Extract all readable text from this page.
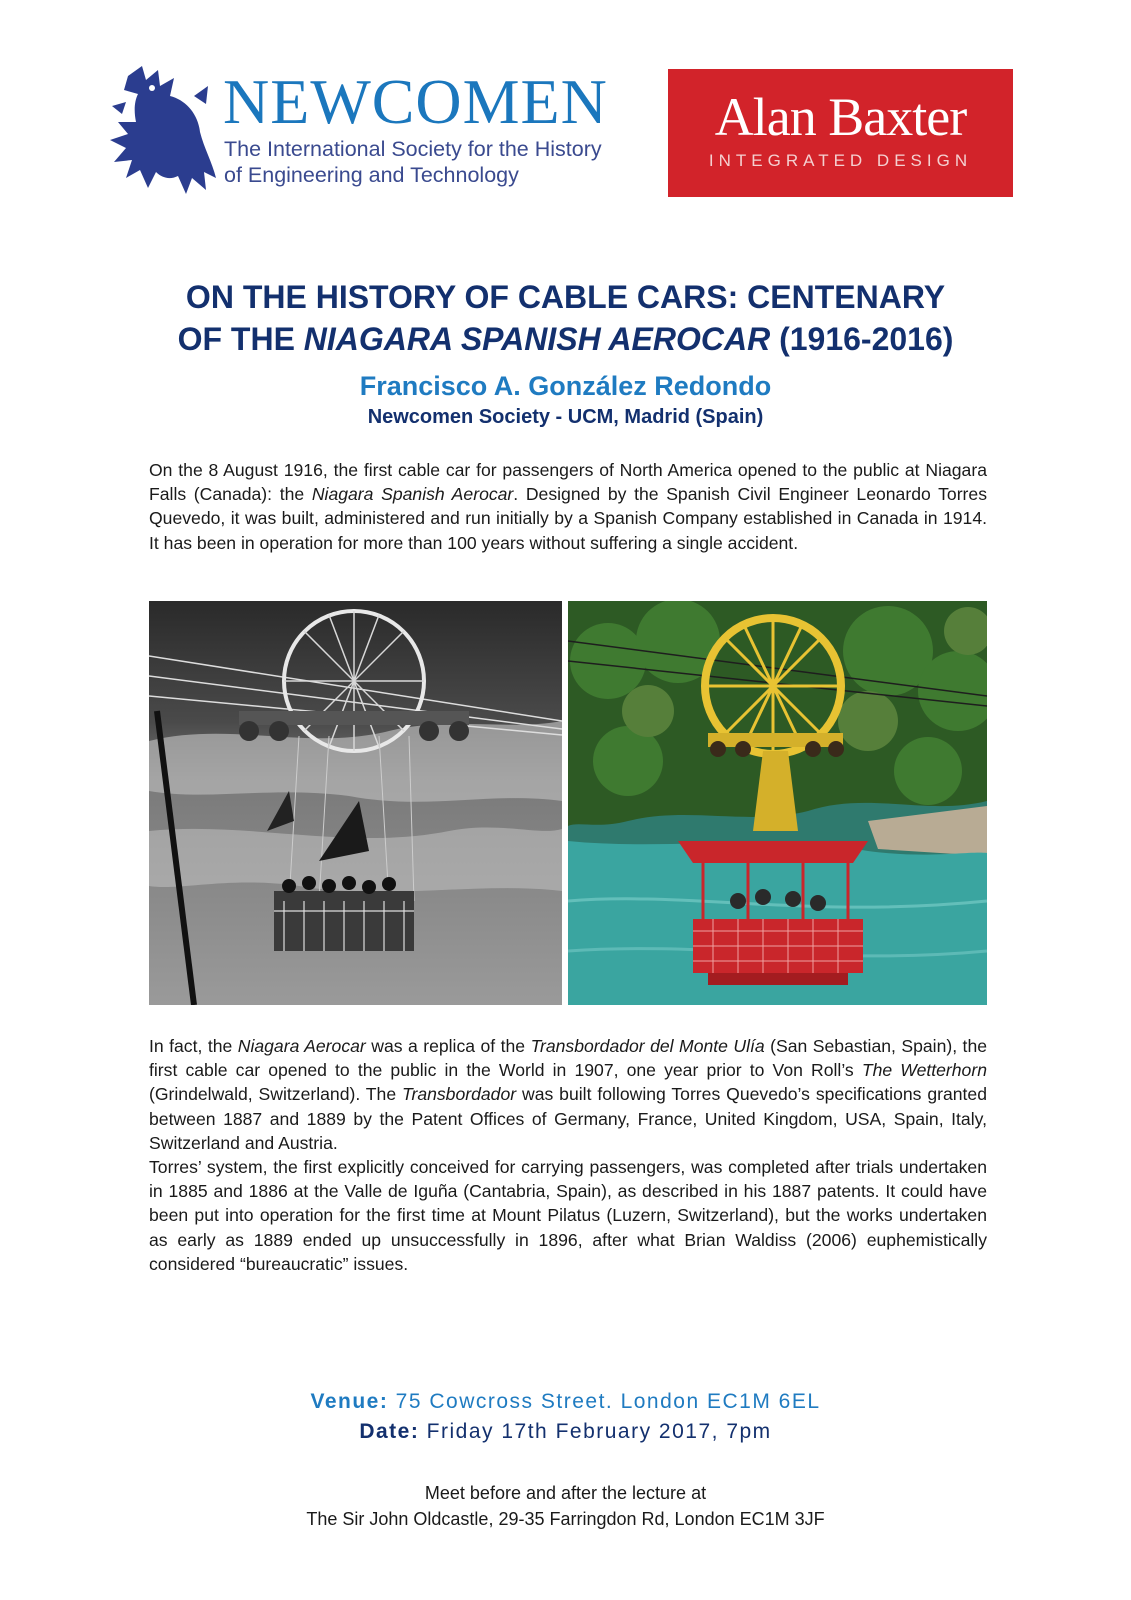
NEWCOMEN
The International Society for the History
of Engineering and Technology
Alan Baxter
INTEGRATED DESIGN
ON THE HISTORY OF CABLE CARS: CENTENARY
OF THE NIAGARA SPANISH AEROCAR (1916-2016)
Francisco A. González Redondo
Newcomen Society - UCM, Madrid (Spain)
On the 8 August 1916, the first cable car for passengers of North America opened to the public at Niagara Falls (Canada): the Niagara Spanish Aerocar. Designed by the Spanish Civil Engineer Leonardo Torres Quevedo, it was built, administered and run initially by a Spanish Company established in Canada in 1914. It has been in operation for more than 100 years without suffering a single accident.
In fact, the Niagara Aerocar was a replica of the Transbordador del Monte Ulía (San Sebastian, Spain), the first cable car opened to the public in the World in 1907, one year prior to Von Roll’s The Wetterhorn (Grindelwald, Switzerland). The Transbordador was built following Torres Quevedo’s specifications granted between 1887 and 1889 by the Patent Offices of Germany, France, United Kingdom, USA, Spain, Italy, Switzerland and Austria.
Torres’ system, the first explicitly conceived for carrying passengers, was completed after trials undertaken in 1885 and 1886 at the Valle de Iguña (Cantabria, Spain), as described in his 1887 patents. It could have been put into operation for the first time at Mount Pilatus (Luzern, Switzerland), but the works undertaken as early as 1889 ended up unsuccessfully in 1896, after what Brian Waldiss (2006) euphemistically considered “bureaucratic” issues.
Venue: 75 Cowcross Street. London EC1M 6EL
Date: Friday 17th February 2017, 7pm
Meet before and after the lecture at
The Sir John Oldcastle, 29-35 Farringdon Rd, London EC1M 3JF
